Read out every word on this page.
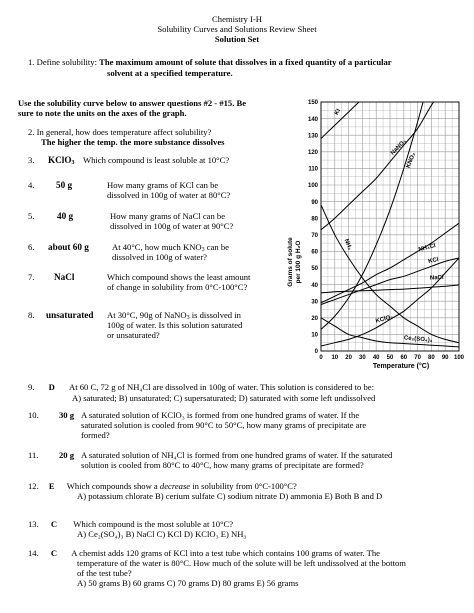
Chemistry I-H
Solubility Curves and Solutions Review Sheet
Solution Set
1. Define solubility: The maximum amount of solute that dissolves in a fixed quantity of a particular
solvent at a specified temperature.
Use the solubility curve below to answer questions #2 - #15. Be
sure to note the units on the axes of the graph.
2. In general, how does temperature affect solubility?
The higher the temp. the more substance dissolves
3. KClO$_3$ Which compound is least soluble at 10°C?
4. 50 g	How many grams of KCl can be
dissolved in 100g of water at 80°C?
5. 40 g	How many grams of NaCl can be
dissolved in 100g of water at 90°C?
6. about 60 g	At 40°C, how much $KNO_3$ can be
dissolved in 100g of water?
7. NaCl	Which compound shows the least amount
of change in solubility from 0°C-100°C?
8. unsaturated At 30°C, 90g of NaNO$_3$ is dissolved in
100g of water. Is this solution saturated
or unsaturated?
9. D At 60 C, 72 g of NH₄Cl are dissolved in 100g of water. This solution is considered to be:
A) saturated; B) unsaturated; C) supersaturated; D) saturated with some left undissolved
10. 30 g A saturated solution of KClO₃ is formed from one hundred grams of water. If the
saturated solution is cooled from 90°C to 50°C, how many grams of precipitate are
formed?
11. 20 g A saturated solution of NH₄Cl is formed from one hundred grams of water. If the saturated
solution is cooled from 80°C to 40°C, how many grams of precipitate are formed?
12. E Which compounds show a decrease in solubility from 0°C-100°C?
A) potassium chlorate B) cerium sulfate C) sodium nitrate D) ammonia E) Both B and D
13. C Which compound is the most soluble at 10°C?
A) Ce₂(SO₄)₃ B) NaCl C) KCl D) KClO₃ E) NH₃
14. C A chemist adds 120 grams of KCl into a test tube which contains 100 grams of water. The
temperature of the water is 80°C. How much of the solute will be left undissolved at the bottom
of the test tube?
A) 50 grams B) 60 grams C) 70 grams D) 80 grams E) 56 grams
0
10
20
30
40
50
60
70
80
90
100
110
120
130
140
150
0 10 20 30 40 50 60 70 80 90 100
KI
NaNO₃
KNO₃
NH₃	NH₄Cl
KCl
NaCl
KClO₃
Ce₂(SO₄)₃
Grams of solute per 100 g H₂O
Temperature (°C)
